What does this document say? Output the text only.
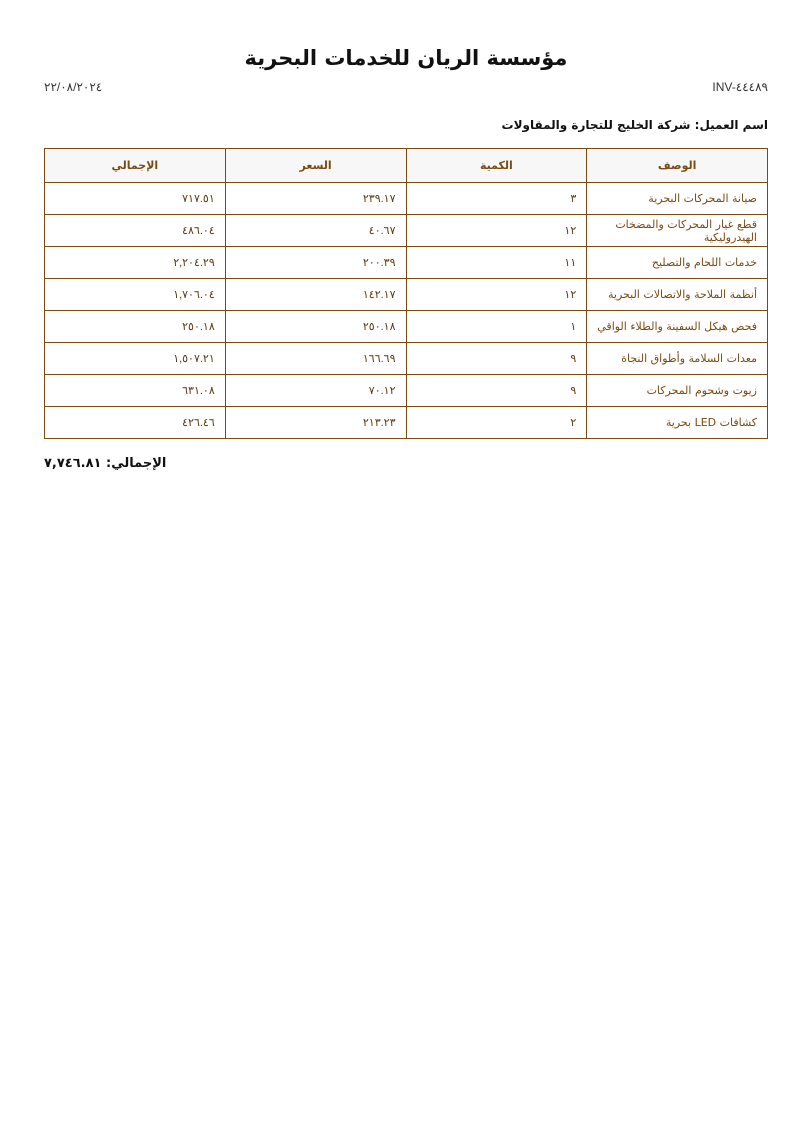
مؤسسة الريان للخدمات البحرية
INV-٤٤٤٨٩
٢٢/٠٨/٢٠٢٤
اسم العميل: شركة الخليج للتجارة والمقاولات
الوصف	الكمية	السعر	الإجمالي
صيانة المحركات البحرية	٣	٢٣٩.١٧	٧١٧.٥١
قطع غيار المحركات والمضخات الهيدروليكية	١٢	٤٠.٦٧	٤٨٦.٠٤
خدمات اللحام والتصليح	١١	٢٠٠.٣٩	٢,٢٠٤.٢٩
أنظمة الملاحة والاتصالات البحرية	١٢	١٤٢.١٧	١,٧٠٦.٠٤
فحص هيكل السفينة والطلاء الواقي	١	٢٥٠.١٨	٢٥٠.١٨
معدات السلامة وأطواق النجاة	٩	١٦٦.٦٩	١,٥٠٧.٢١
زيوت وشحوم المحركات	٩	٧٠.١٢	٦٣١.٠٨
كشافات LED بحرية	٢	٢١٣.٢٣	٤٢٦.٤٦
الإجمالي: ٧,٧٤٦.٨١
